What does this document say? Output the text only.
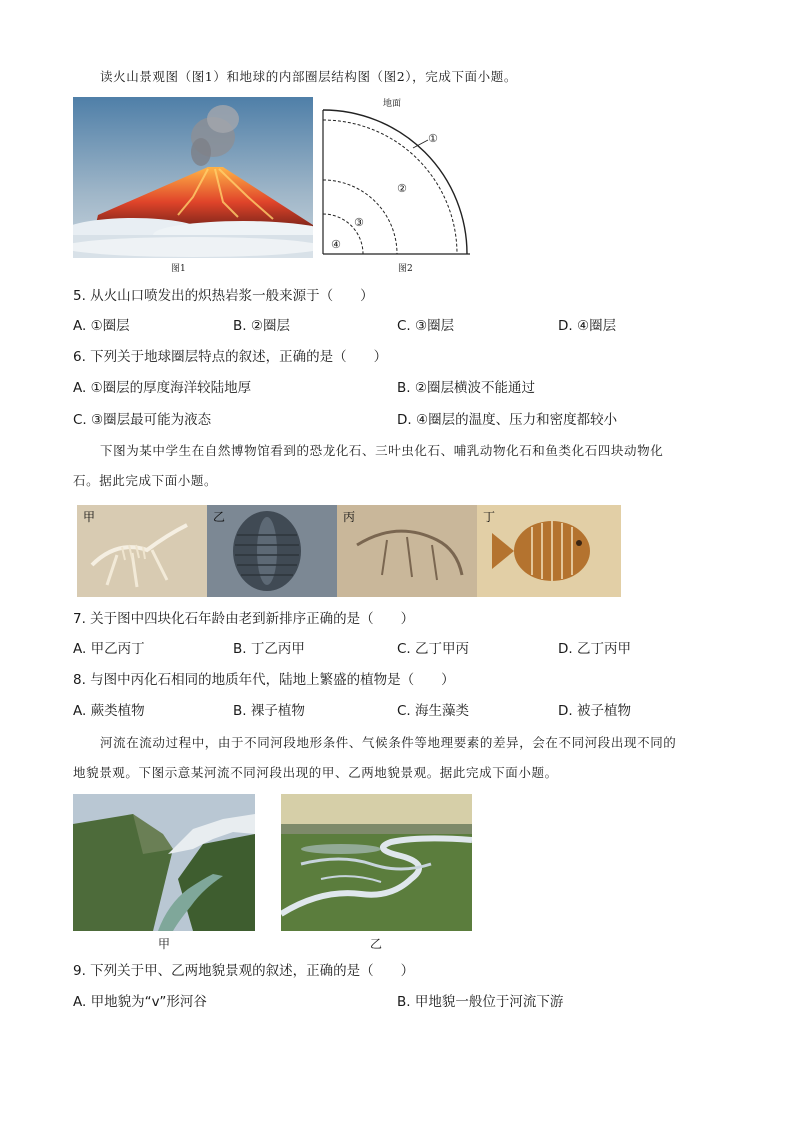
读火山景观图（图1）和地球的内部圈层结构图（图2），完成下面小题。
图1
地面
①
②
③
④
图2
5. 从火山口喷发出的炽热岩浆一般来源于（　　）
A. ①圈层	B. ②圈层	C. ③圈层	D. ④圈层
6. 下列关于地球圈层特点的叙述，正确的是（　　）
A. ①圈层的厚度海洋较陆地厚	B. ②圈层横波不能通过
C. ③圈层最可能为液态	D. ④圈层的温度、压力和密度都较小
下图为某中学生在自然博物馆看到的恐龙化石、三叶虫化石、哺乳动物化石和鱼类化石四块动物化
石。据此完成下面小题。
甲	乙	丙	丁
7. 关于图中四块化石年龄由老到新排序正确的是（　　）
A. 甲乙丙丁	B. 丁乙丙甲	C. 乙丁甲丙	D. 乙丁丙甲
8. 与图中丙化石相同的地质年代，陆地上繁盛的植物是（　　）
A. 蕨类植物	B. 裸子植物	C. 海生藻类	D. 被子植物
河流在流动过程中，由于不同河段地形条件、气候条件等地理要素的差异，会在不同河段出现不同的
地貌景观。下图示意某河流不同河段出现的甲、乙两地貌景观。据此完成下面小题。
甲	乙
9. 下列关于甲、乙两地貌景观的叙述，正确的是（　　）
A. 甲地貌为“v”形河谷	B. 甲地貌一般位于河流下游
